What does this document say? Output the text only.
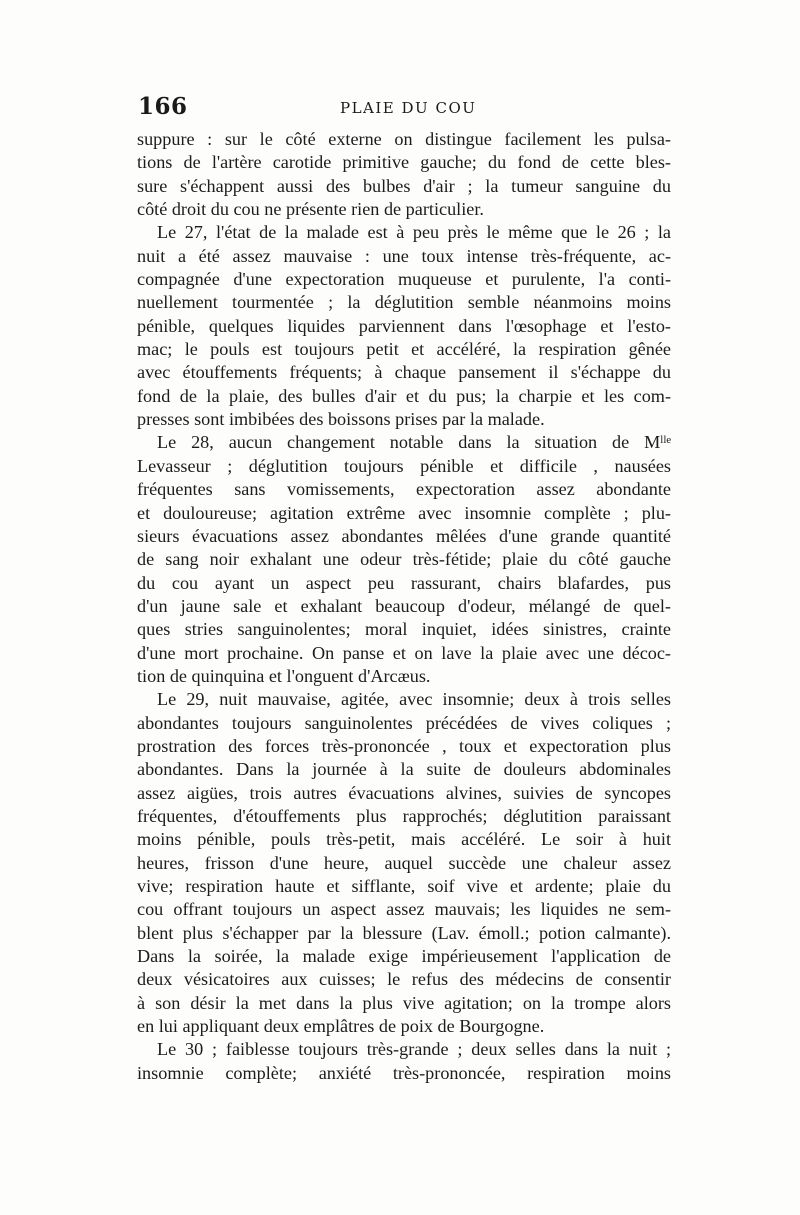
166	PLAIE DU COU
suppure : sur le côté externe on distingue facilement les pulsa-
tions de l'artère carotide primitive gauche; du fond de cette bles-
sure s'échappent aussi des bulbes d'air ; la tumeur sanguine du
côté droit du cou ne présente rien de particulier.
Le 27, l'état de la malade est à peu près le même que le 26 ; la
nuit a été assez mauvaise : une toux intense très-fréquente, ac-
compagnée d'une expectoration muqueuse et purulente, l'a conti-
nuellement tourmentée ; la déglutition semble néanmoins moins
pénible, quelques liquides parviennent dans l'œsophage et l'esto-
mac; le pouls est toujours petit et accéléré, la respiration gênée
avec étouffements fréquents; à chaque pansement il s'échappe du
fond de la plaie, des bulles d'air et du pus; la charpie et les com-
presses sont imbibées des boissons prises par la malade.
Le 28, aucun changement notable dans la situation de Mˡˡᵉ
Levasseur ; déglutition toujours pénible et difficile , nausées
fréquentes sans vomissements, expectoration assez abondante
et douloureuse; agitation extrême avec insomnie complète ; plu-
sieurs évacuations assez abondantes mêlées d'une grande quantité
de sang noir exhalant une odeur très-fétide; plaie du côté gauche
du cou ayant un aspect peu rassurant, chairs blafardes, pus
d'un jaune sale et exhalant beaucoup d'odeur, mélangé de quel-
ques stries sanguinolentes; moral inquiet, idées sinistres, crainte
d'une mort prochaine. On panse et on lave la plaie avec une décoc-
tion de quinquina et l'onguent d'Arcæus.
Le 29, nuit mauvaise, agitée, avec insomnie; deux à trois selles
abondantes toujours sanguinolentes précédées de vives coliques ;
prostration des forces très-prononcée , toux et expectoration plus
abondantes. Dans la journée à la suite de douleurs abdominales
assez aigües, trois autres évacuations alvines, suivies de syncopes
fréquentes, d'étouffements plus rapprochés; déglutition paraissant
moins pénible, pouls très-petit, mais accéléré. Le soir à huit
heures, frisson d'une heure, auquel succède une chaleur assez
vive; respiration haute et sifflante, soif vive et ardente; plaie du
cou offrant toujours un aspect assez mauvais; les liquides ne sem-
blent plus s'échapper par la blessure (Lav. émoll.; potion calmante).
Dans la soirée, la malade exige impérieusement l'application de
deux vésicatoires aux cuisses; le refus des médecins de consentir
à son désir la met dans la plus vive agitation; on la trompe alors
en lui appliquant deux emplâtres de poix de Bourgogne.
Le 30 ; faiblesse toujours très-grande ; deux selles dans la nuit ;
insomnie complète; anxiété très-prononcée, respiration moins
